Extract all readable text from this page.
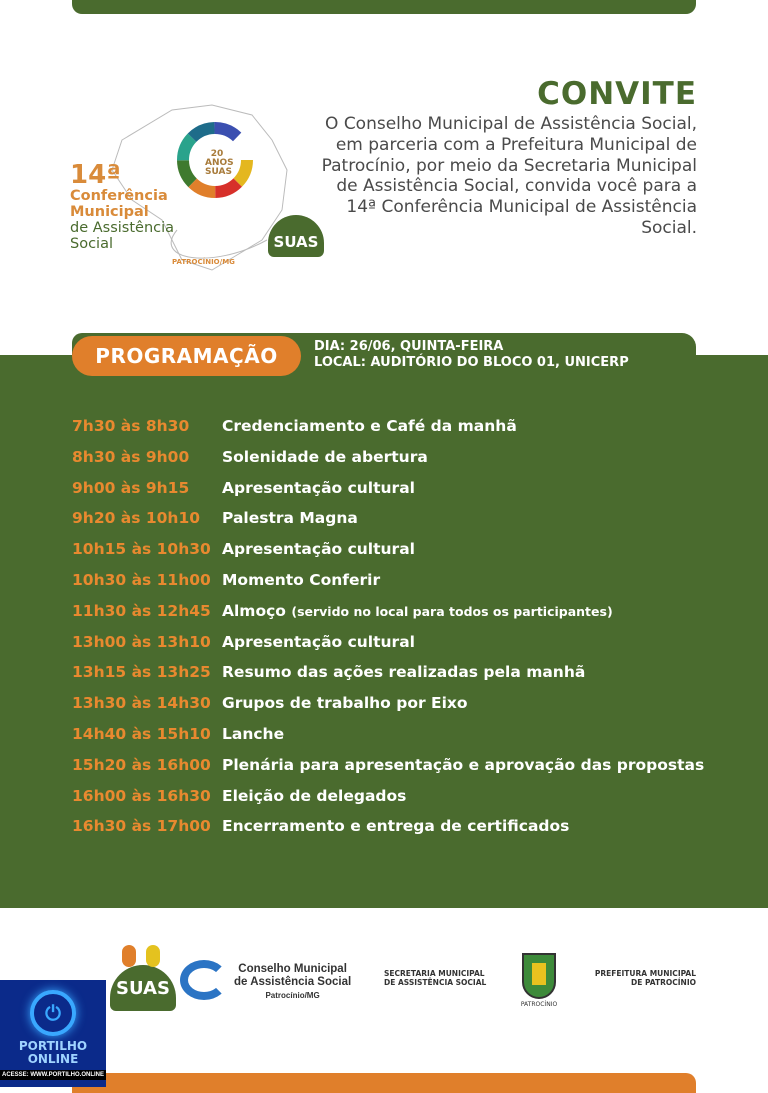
20 ANOS SUAS
14ª
Conferência
Municipal
de Assistência
Social
PATROCÍNIO/MG
SUAS
CONVITE
O Conselho Municipal de Assistência Social, em parceria com a Prefeitura Municipal de Patrocínio, por meio da Secretaria Municipal de Assistência Social, convida você para a 14ª Conferência Municipal de Assistência Social.
PROGRAMAÇÃO	DIA: 26/06, QUINTA-FEIRA
LOCAL: AUDITÓRIO DO BLOCO 01, UNICERP
7h30 às 8h30 Credenciamento e Café da manhã
8h30 às 9h00 Solenidade de abertura
9h00 às 9h15 Apresentação cultural
9h20 às 10h10 Palestra Magna
10h15 às 10h30 Apresentação cultural
10h30 às 11h00 Momento Conferir
11h30 às 12h45 Almoço (servido no local para todos os participantes)
13h00 às 13h10 Apresentação cultural
13h15 às 13h25 Resumo das ações realizadas pela manhã
13h30 às 14h30 Grupos de trabalho por Eixo
14h40 às 15h10 Lanche
15h20 às 16h00 Plenária para apresentação e aprovação das propostas
16h00 às 16h30 Eleição de delegados
16h30 às 17h00 Encerramento e entrega de certificados
SUAS
Conselho Municipal
de Assistência Social
Patrocínio/MG
SECRETARIA MUNICIPAL
DE ASSISTÊNCIA SOCIAL
PATROCÍNIO
PREFEITURA MUNICIPAL
DE PATROCÍNIO
⏻
PORTILHO
ONLINE
ACESSE: WWW.PORTILHO.ONLINE
